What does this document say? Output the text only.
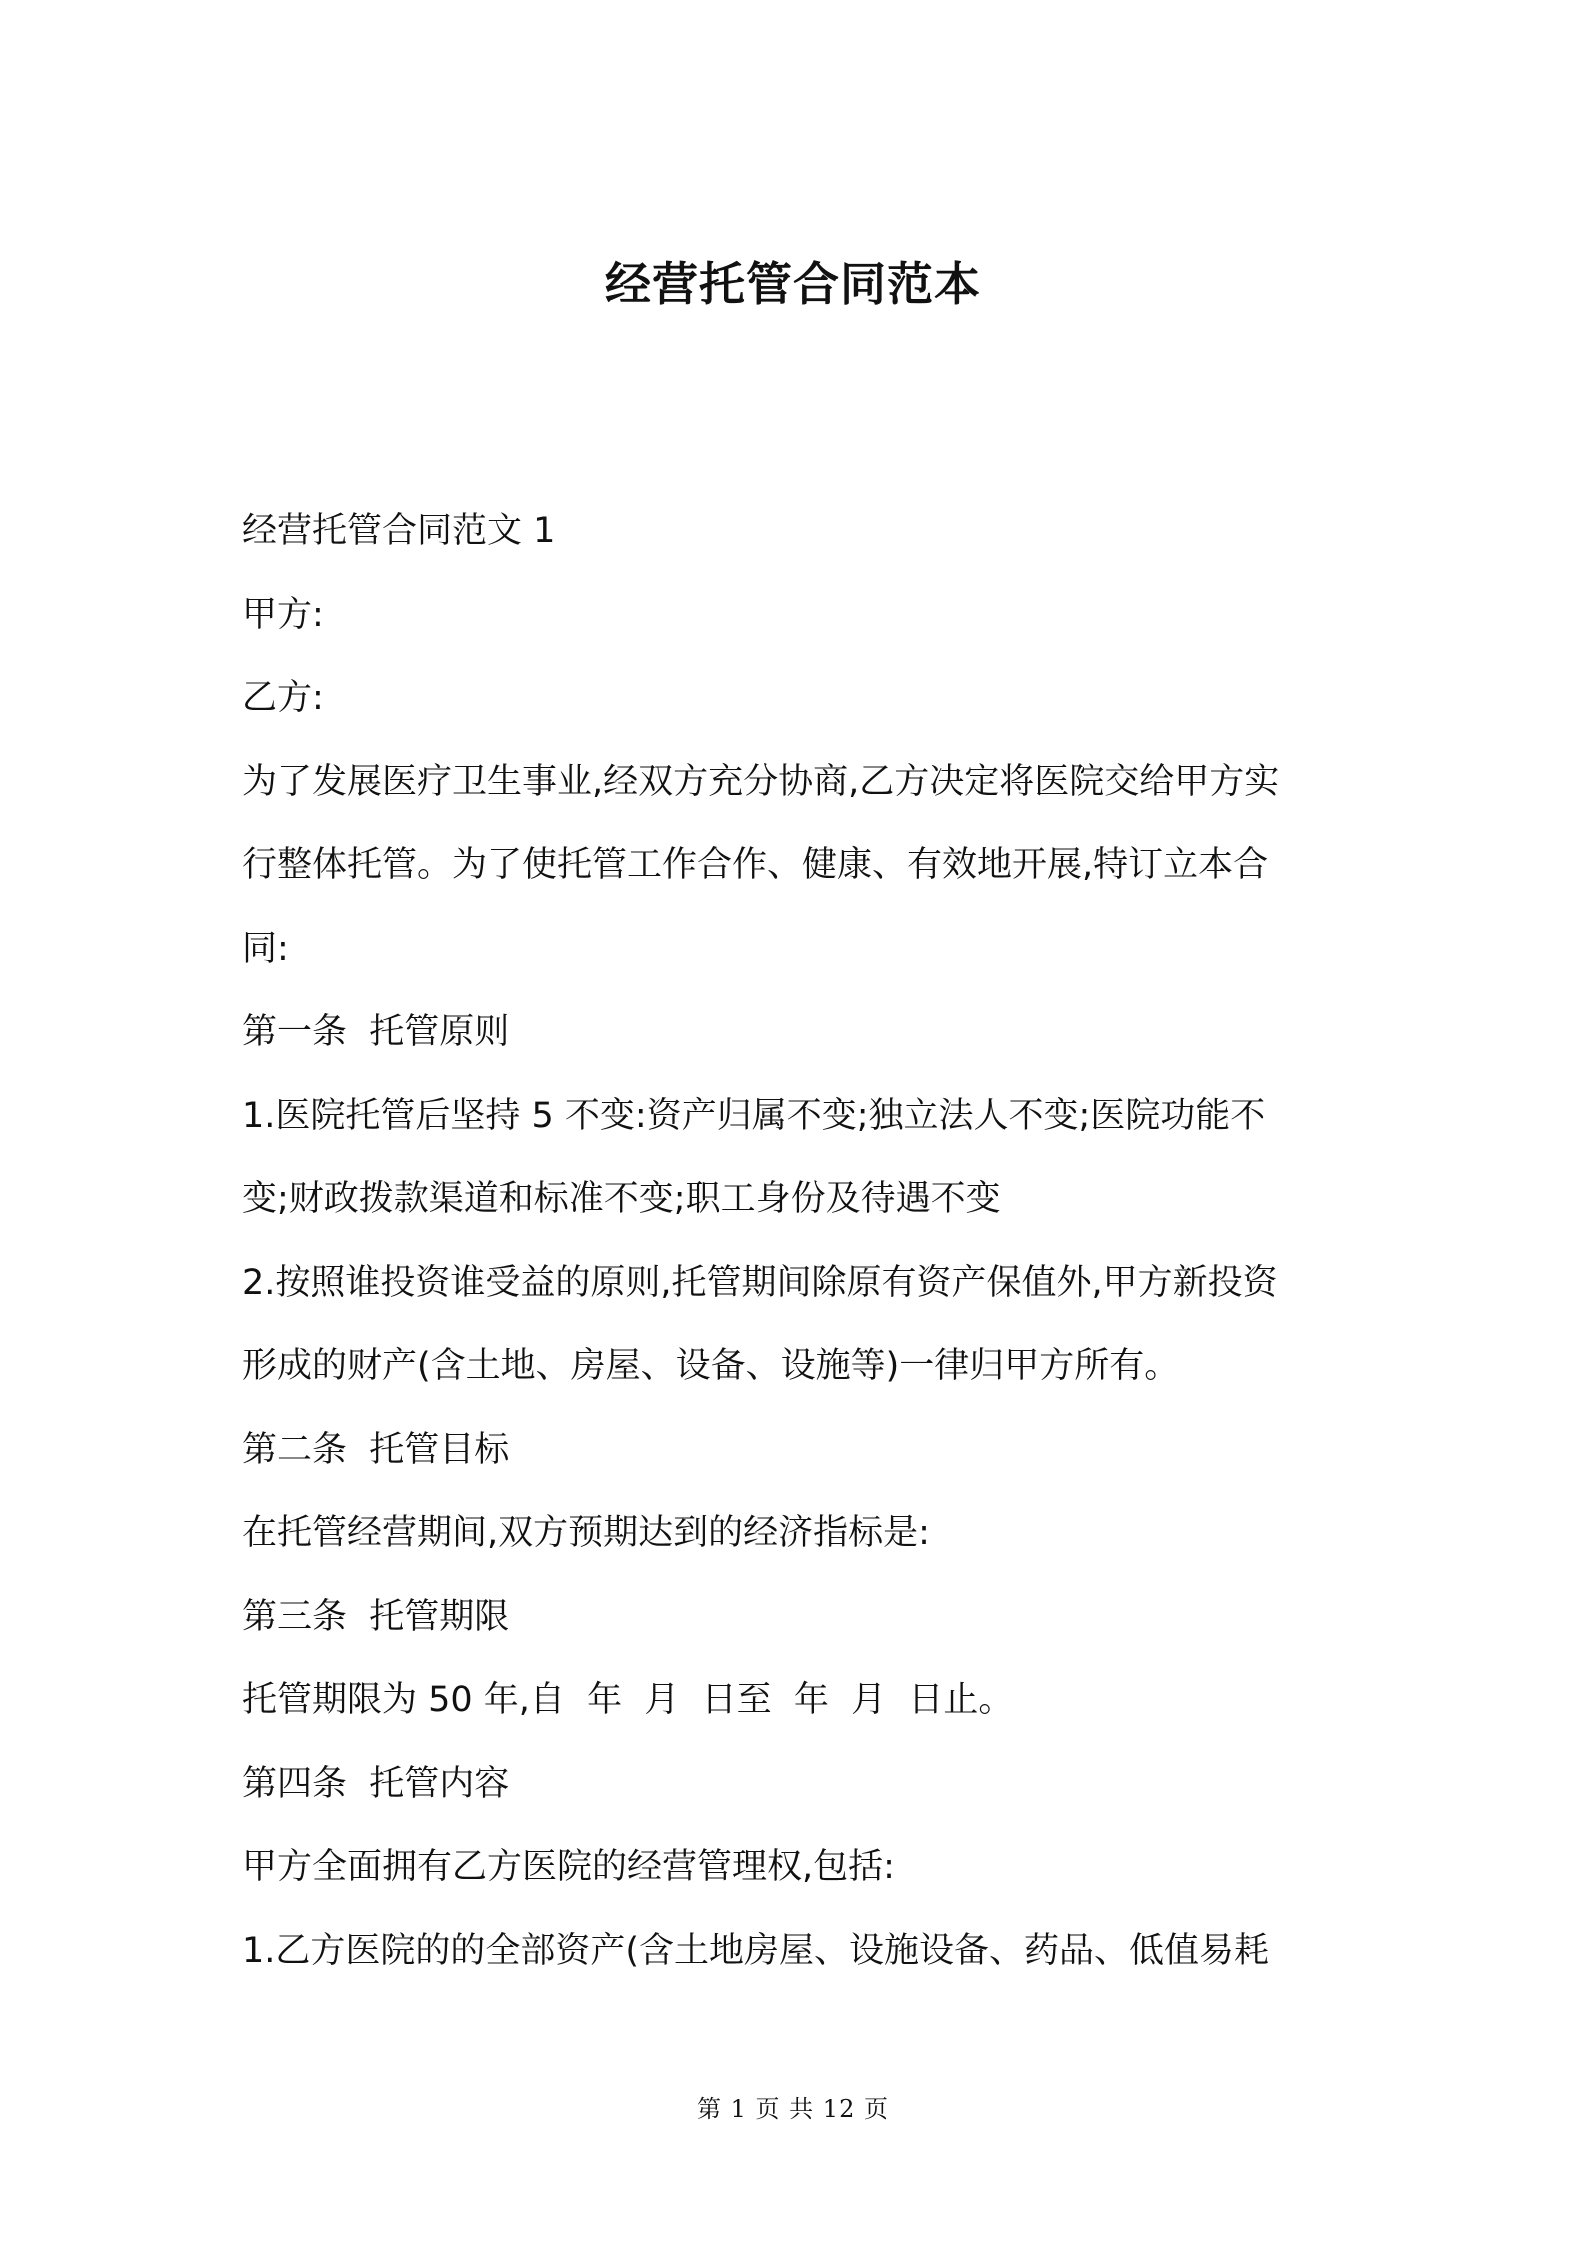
经营托管合同范本
经营托管合同范文 1
甲方:
乙方:
为了发展医疗卫生事业,经双方充分协商,乙方决定将医院交给甲方实
行整体托管。为了使托管工作合作、健康、有效地开展,特订立本合
同:
第一条  托管原则
1.医院托管后坚持 5 不变:资产归属不变;独立法人不变;医院功能不
变;财政拨款渠道和标准不变;职工身份及待遇不变
2.按照谁投资谁受益的原则,托管期间除原有资产保值外,甲方新投资
形成的财产(含土地、房屋、设备、设施等)一律归甲方所有。
第二条  托管目标
在托管经营期间,双方预期达到的经济指标是:
第三条  托管期限
托管期限为 50 年,自  年  月  日至  年  月  日止。
第四条  托管内容
甲方全面拥有乙方医院的经营管理权,包括:
1.乙方医院的的全部资产(含土地房屋、设施设备、药品、低值易耗
第 1 页 共 12 页
